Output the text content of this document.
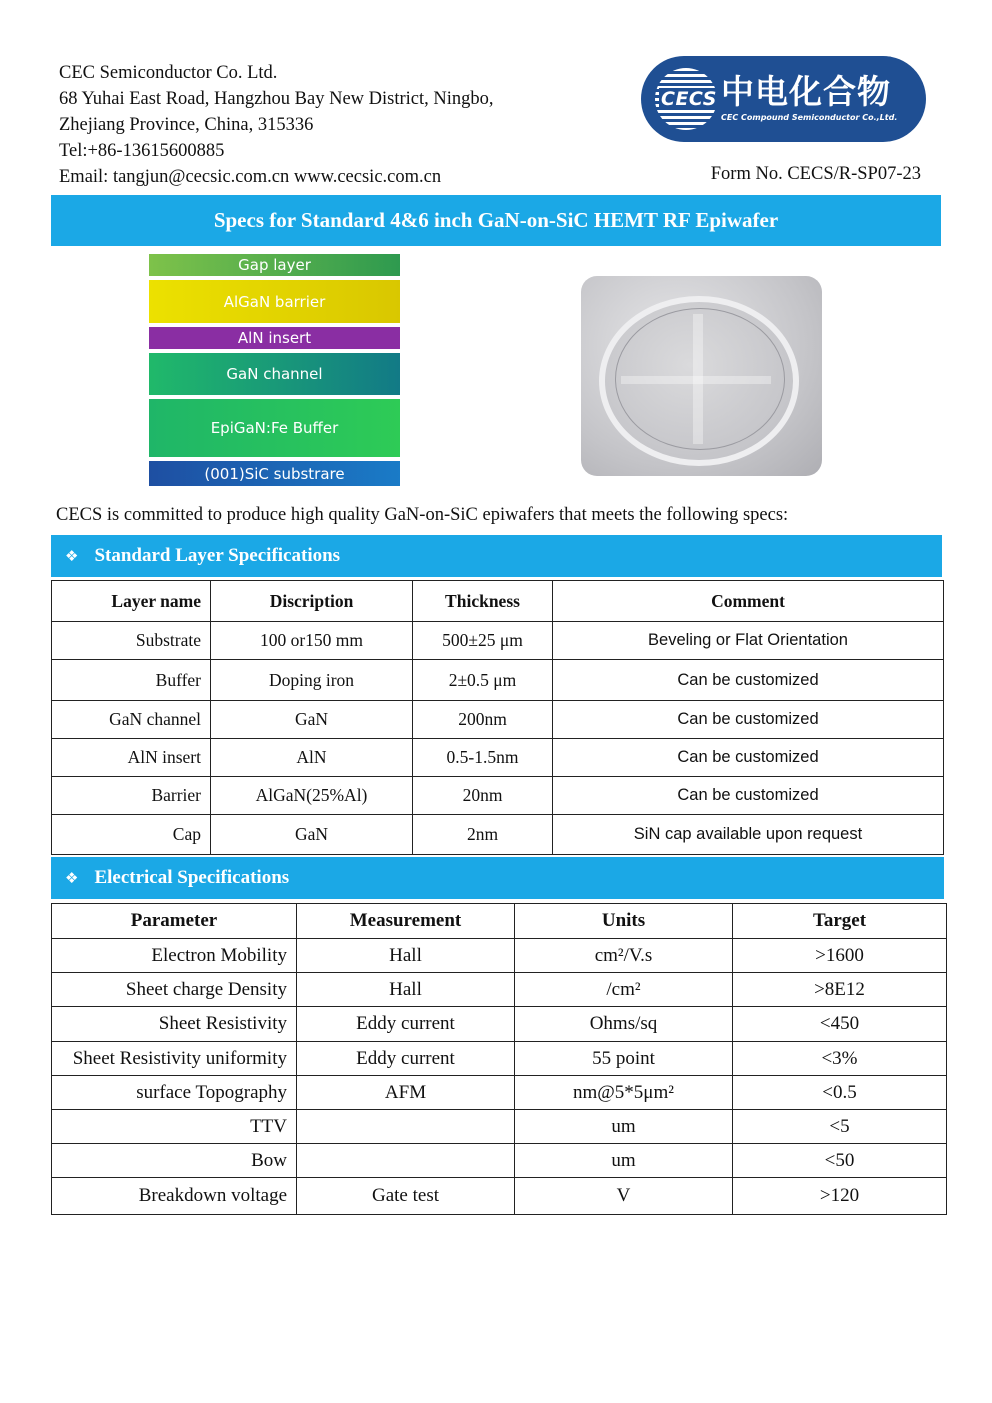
CEC Semiconductor Co. Ltd.
68 Yuhai East Road, Hangzhou Bay New District, Ningbo,
Zhejiang Province, China, 315336
Tel:+86-13615600885
Email: tangjun@cecsic.com.cn www.cecsic.com.cn
CECS 中电化合物
CEC Compound Semiconductor Co.,Ltd.
Form No. CECS/R-SP07-23
Specs for Standard 4&6 inch GaN-on-SiC HEMT RF Epiwafer
Gap layer
AlGaN barrier
AlN insert
GaN channel
EpiGaN:Fe Buffer
(001)SiC substrare
CECS is committed to produce high quality GaN-on-SiC epiwafers that meets the following specs:
❖ Standard Layer Specifications
Layer name	Discription	Thickness	Comment
Substrate	100 or150 mm	500±25 μm	Beveling or Flat Orientation
Buffer	Doping iron	2±0.5 μm	Can be customized
GaN channel	GaN	200nm	Can be customized
AlN insert	AlN	0.5-1.5nm	Can be customized
Barrier	AlGaN(25%Al)	20nm	Can be customized
Cap	GaN	2nm	SiN cap available upon request
❖ Electrical Specifications
Parameter	Measurement	Units	Target
Electron Mobility	Hall	cm²/V.s	>1600
Sheet charge Density	Hall	/cm²	>8E12
Sheet Resistivity	Eddy current	Ohms/sq	<450
Sheet Resistivity uniformity	Eddy current	55 point	<3%
surface Topography	AFM	nm@5*5μm²	<0.5
TTV		um	<5
Bow		um	<50
Breakdown voltage	Gate test	V	>120
